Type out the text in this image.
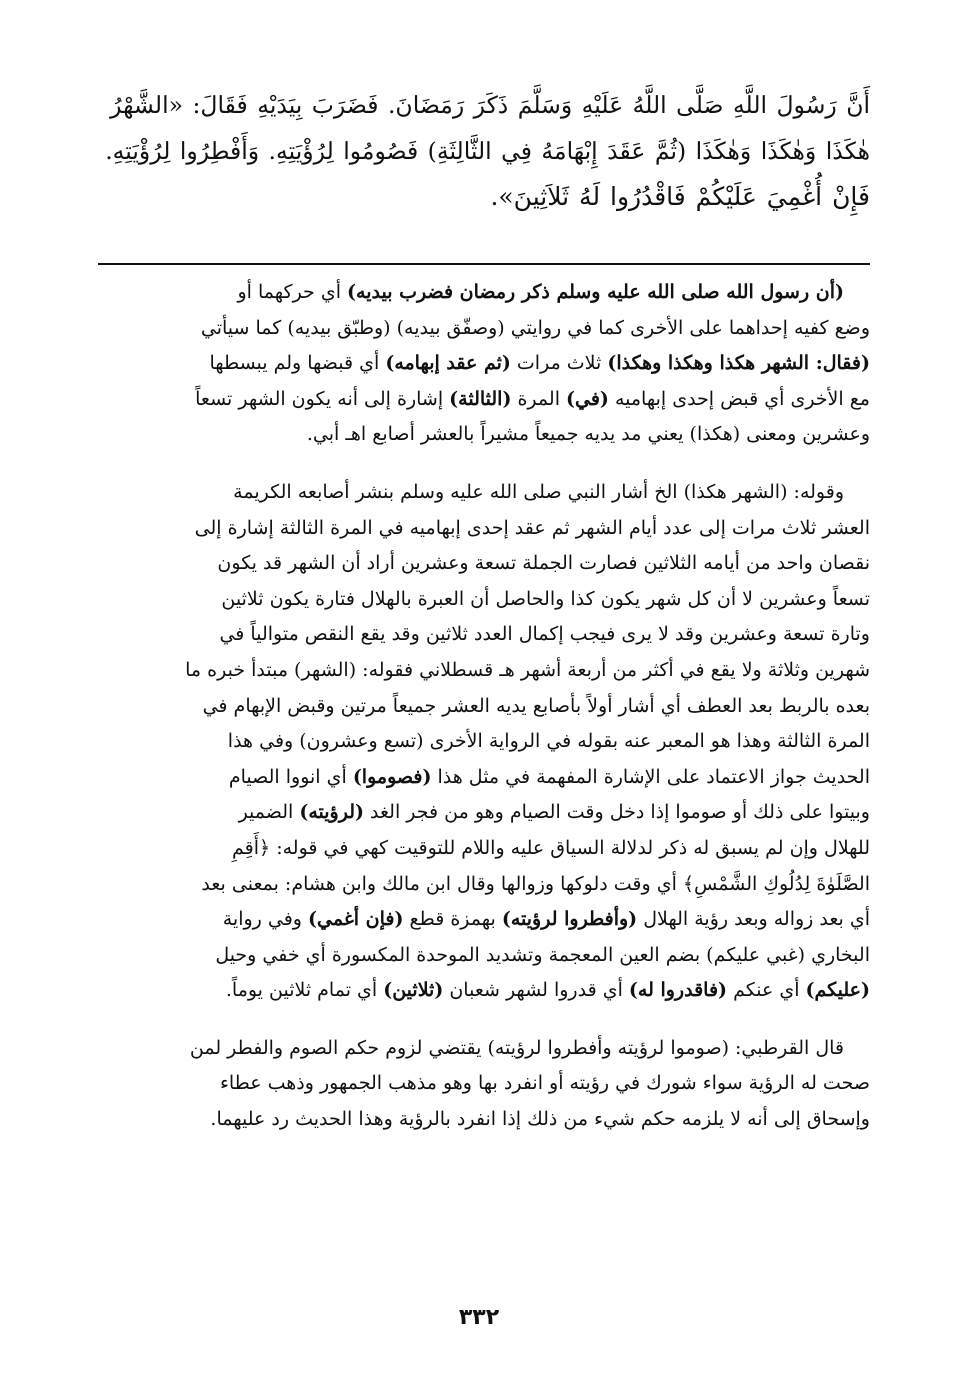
أَنَّ رَسُولَ اللَّهِ صَلَّى اللَّهُ عَلَيْهِ وَسَلَّمَ ذَكَرَ رَمَضَانَ. فَضَرَبَ بِيَدَيْهِ فَقَالَ: «الشَّهْرُ
هٰكَذَا وَهٰكَذَا وَهٰكَذَا (ثُمَّ عَقَدَ إِبْهَامَهُ فِي الثَّالِثَةِ) فَصُومُوا لِرُؤْيَتِهِ. وَأَفْطِرُوا لِرُؤْيَتِهِ.
فَإِنْ أُغْمِيَ عَلَيْكُمْ فَاقْدُرُوا لَهُ ثَلاَثِينَ».

(أن رسول الله صلى الله عليه وسلم ذكر رمضان فضرب بيديه) أي حركهما أو
وضع كفيه إحداهما على الأخرى كما في روايتي (وصفّق بيديه) (وطبّق بيديه) كما سيأتي
(فقال: الشهر هكذا وهكذا وهكذا) ثلاث مرات (ثم عقد إبهامه) أي قبضها ولم يبسطها
مع الأخرى أي قبض إحدى إبهاميه (في) المرة (الثالثة) إشارة إلى أنه يكون الشهر تسعاً
وعشرين ومعنى (هكذا) يعني مد يديه جميعاً مشيراً بالعشر أصابع اهـ أبي.

وقوله: (الشهر هكذا) الخ أشار النبي صلى الله عليه وسلم بنشر أصابعه الكريمة
العشر ثلاث مرات إلى عدد أيام الشهر ثم عقد إحدى إبهاميه في المرة الثالثة إشارة إلى
نقصان واحد من أيامه الثلاثين فصارت الجملة تسعة وعشرين أراد أن الشهر قد يكون
تسعاً وعشرين لا أن كل شهر يكون كذا والحاصل أن العبرة بالهلال فتارة يكون ثلاثين
وتارة تسعة وعشرين وقد لا يرى فيجب إكمال العدد ثلاثين وقد يقع النقص متوالياً في
شهرين وثلاثة ولا يقع في أكثر من أربعة أشهر هـ قسطلاني فقوله: (الشهر) مبتدأ خبره ما
بعده بالربط بعد العطف أي أشار أولاً بأصابع يديه العشر جميعاً مرتين وقبض الإبهام في
المرة الثالثة وهذا هو المعبر عنه بقوله في الرواية الأخرى (تسع وعشرون) وفي هذا
الحديث جواز الاعتماد على الإشارة المفهمة في مثل هذا (فصوموا) أي انووا الصيام
وبيتوا على ذلك أو صوموا إذا دخل وقت الصيام وهو من فجر الغد (لرؤيته) الضمير
للهلال وإن لم يسبق له ذكر لدلالة السياق عليه واللام للتوقيت كهي في قوله: ﴿أَقِمِ
الصَّلَوٰةَ لِدُلُوكِ الشَّمْسِ﴾ أي وقت دلوكها وزوالها وقال ابن مالك وابن هشام: بمعنى بعد
أي بعد زواله وبعد رؤية الهلال (وأفطروا لرؤيته) بهمزة قطع (فإن أغمي) وفي رواية
البخاري (غبي عليكم) بضم العين المعجمة وتشديد الموحدة المكسورة أي خفي وحيل
(عليكم) أي عنكم (فاقدروا له) أي قدروا لشهر شعبان (ثلاثين) أي تمام ثلاثين يوماً.

قال القرطبي: (صوموا لرؤيته وأفطروا لرؤيته) يقتضي لزوم حكم الصوم والفطر لمن
صحت له الرؤية سواء شورك في رؤيته أو انفرد بها وهو مذهب الجمهور وذهب عطاء
وإسحاق إلى أنه لا يلزمه حكم شيء من ذلك إذا انفرد بالرؤية وهذا الحديث رد عليهما.

٣٣٢
